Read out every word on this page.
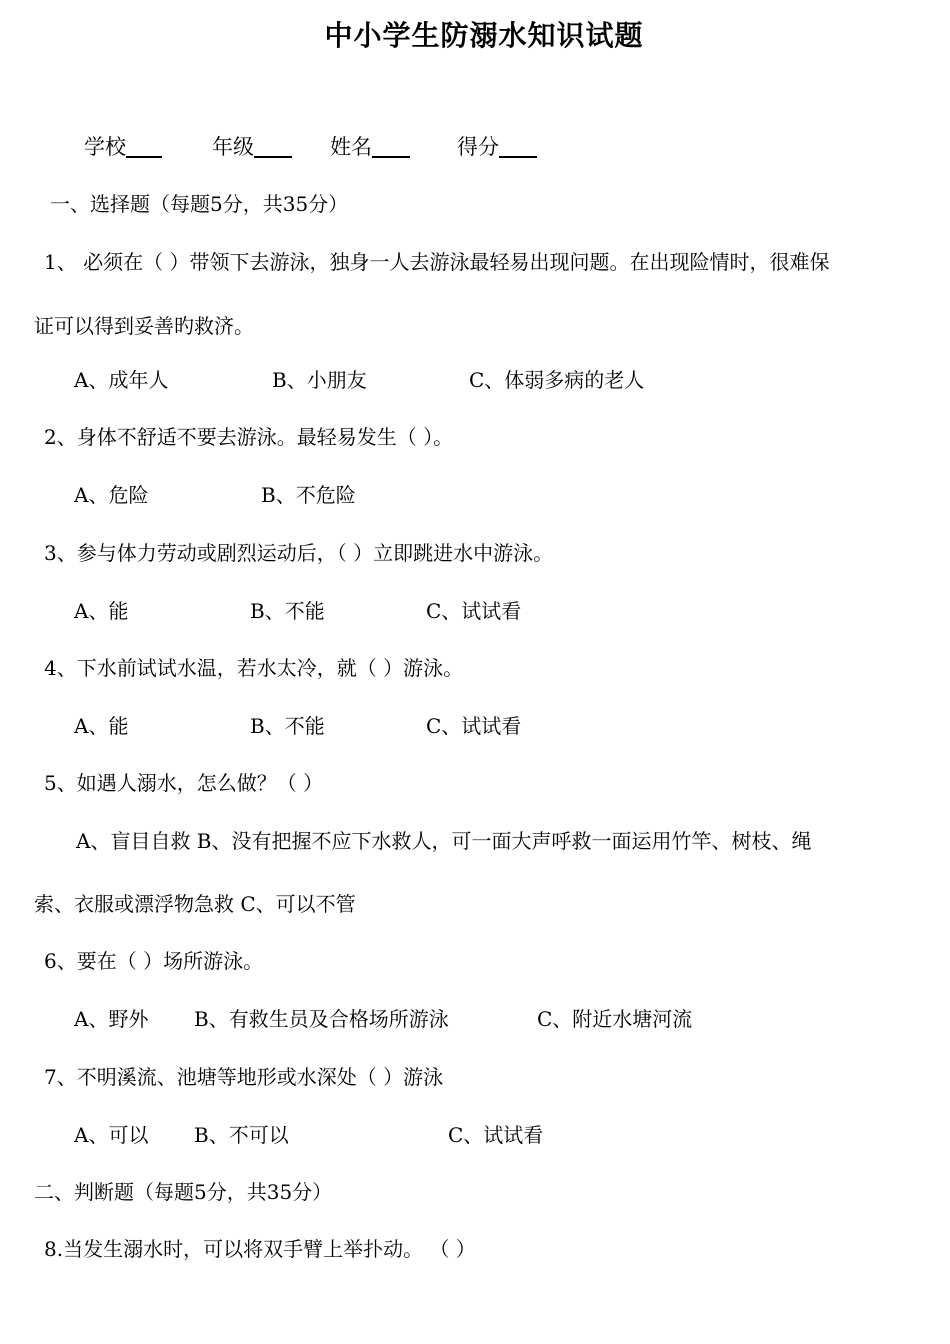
中小学生防溺水知识试题
学校	年级	姓名	得分
一、选择题（每题5分，共35分）
1、 必须在（ ）带领下去游泳，独身一人去游泳最轻易出现问题。在出现险情时，很难保
证可以得到妥善旳救济。
A、成年人	B、小朋友	C、体弱多病的老人
2、身体不舒适不要去游泳。最轻易发生（ ）。
A、危险	B、不危险
3、参与体力劳动或剧烈运动后，（ ）立即跳进水中游泳。
A、能	B、不能	C、试试看
4、下水前试试水温，若水太冷，就（ ）游泳。
A、能	B、不能	C、试试看
5、如遇人溺水，怎么做？（ ）
A、盲目自救 B、没有把握不应下水救人，可一面大声呼救一面运用竹竿、树枝、绳
索、衣服或漂浮物急救 C、可以不管
6、要在（ ）场所游泳。
A、野外 B、有救生员及合格场所游泳	C、附近水塘河流
7、不明溪流、池塘等地形或水深处（ ）游泳
A、可以 B、不可以	C、试试看
二、判断题（每题5分，共35分）
8.当发生溺水时，可以将双手臂上举扑动。 （ ）
